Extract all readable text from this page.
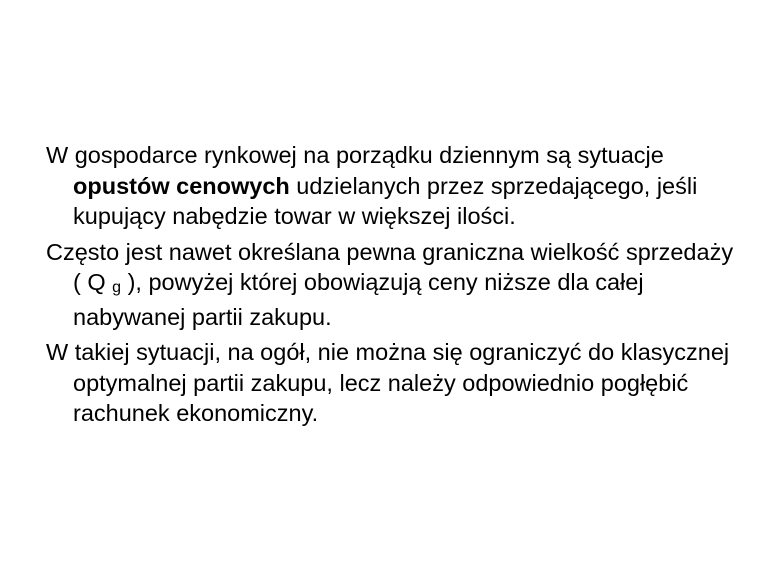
W gospodarce rynkowej na porządku dziennym są sytuacje opustów cenowych udzielanych przez sprzedającego, jeśli kupujący nabędzie towar w większej ilości.

Często jest nawet określana pewna graniczna wielkość sprzedaży ( Q g ), powyżej której obowiązują ceny niższe dla całej nabywanej partii zakupu.

W takiej sytuacji, na ogół, nie można się ograniczyć do klasycznej optymalnej partii zakupu, lecz należy odpowiednio pogłębić rachunek ekonomiczny.
